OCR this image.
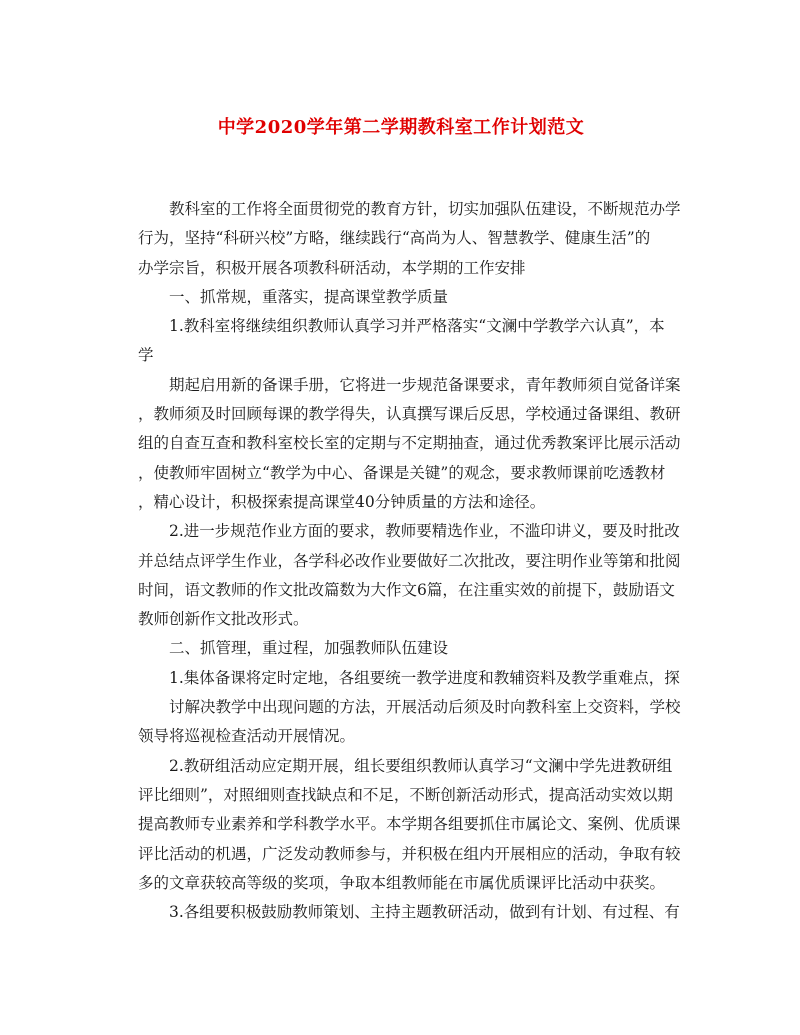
中学2020学年第二学期教科室工作计划范文
教科室的工作将全面贯彻党的教育方针，切实加强队伍建设，不断规范办学
行为，坚持“科研兴校”方略，继续践行“高尚为人、智慧教学、健康生活”的
办学宗旨，积极开展各项教科研活动，本学期的工作安排
一、抓常规，重落实，提高课堂教学质量
1.教科室将继续组织教师认真学习并严格落实“文澜中学教学六认真”，本
学
期起启用新的备课手册，它将进一步规范备课要求，青年教师须自觉备详案
，教师须及时回顾每课的教学得失，认真撰写课后反思，学校通过备课组、教研
组的自查互查和教科室校长室的定期与不定期抽查，通过优秀教案评比展示活动
，使教师牢固树立“教学为中心、备课是关键”的观念，要求教师课前吃透教材
，精心设计，积极探索提高课堂40分钟质量的方法和途径。
2.进一步规范作业方面的要求，教师要精选作业，不滥印讲义，要及时批改
并总结点评学生作业，各学科必改作业要做好二次批改，要注明作业等第和批阅
时间，语文教师的作文批改篇数为大作文6篇，在注重实效的前提下，鼓励语文
教师创新作文批改形式。
二、抓管理，重过程，加强教师队伍建设
1.集体备课将定时定地，各组要统一教学进度和教辅资料及教学重难点，探
讨解决教学中出现问题的方法，开展活动后须及时向教科室上交资料，学校
领导将巡视检查活动开展情况。
2.教研组活动应定期开展，组长要组织教师认真学习“文澜中学先进教研组
评比细则”，对照细则查找缺点和不足，不断创新活动形式，提高活动实效以期
提高教师专业素养和学科教学水平。本学期各组要抓住市属论文、案例、优质课
评比活动的机遇，广泛发动教师参与，并积极在组内开展相应的活动，争取有较
多的文章获较高等级的奖项，争取本组教师能在市属优质课评比活动中获奖。
3.各组要积极鼓励教师策划、主持主题教研活动，做到有计划、有过程、有
